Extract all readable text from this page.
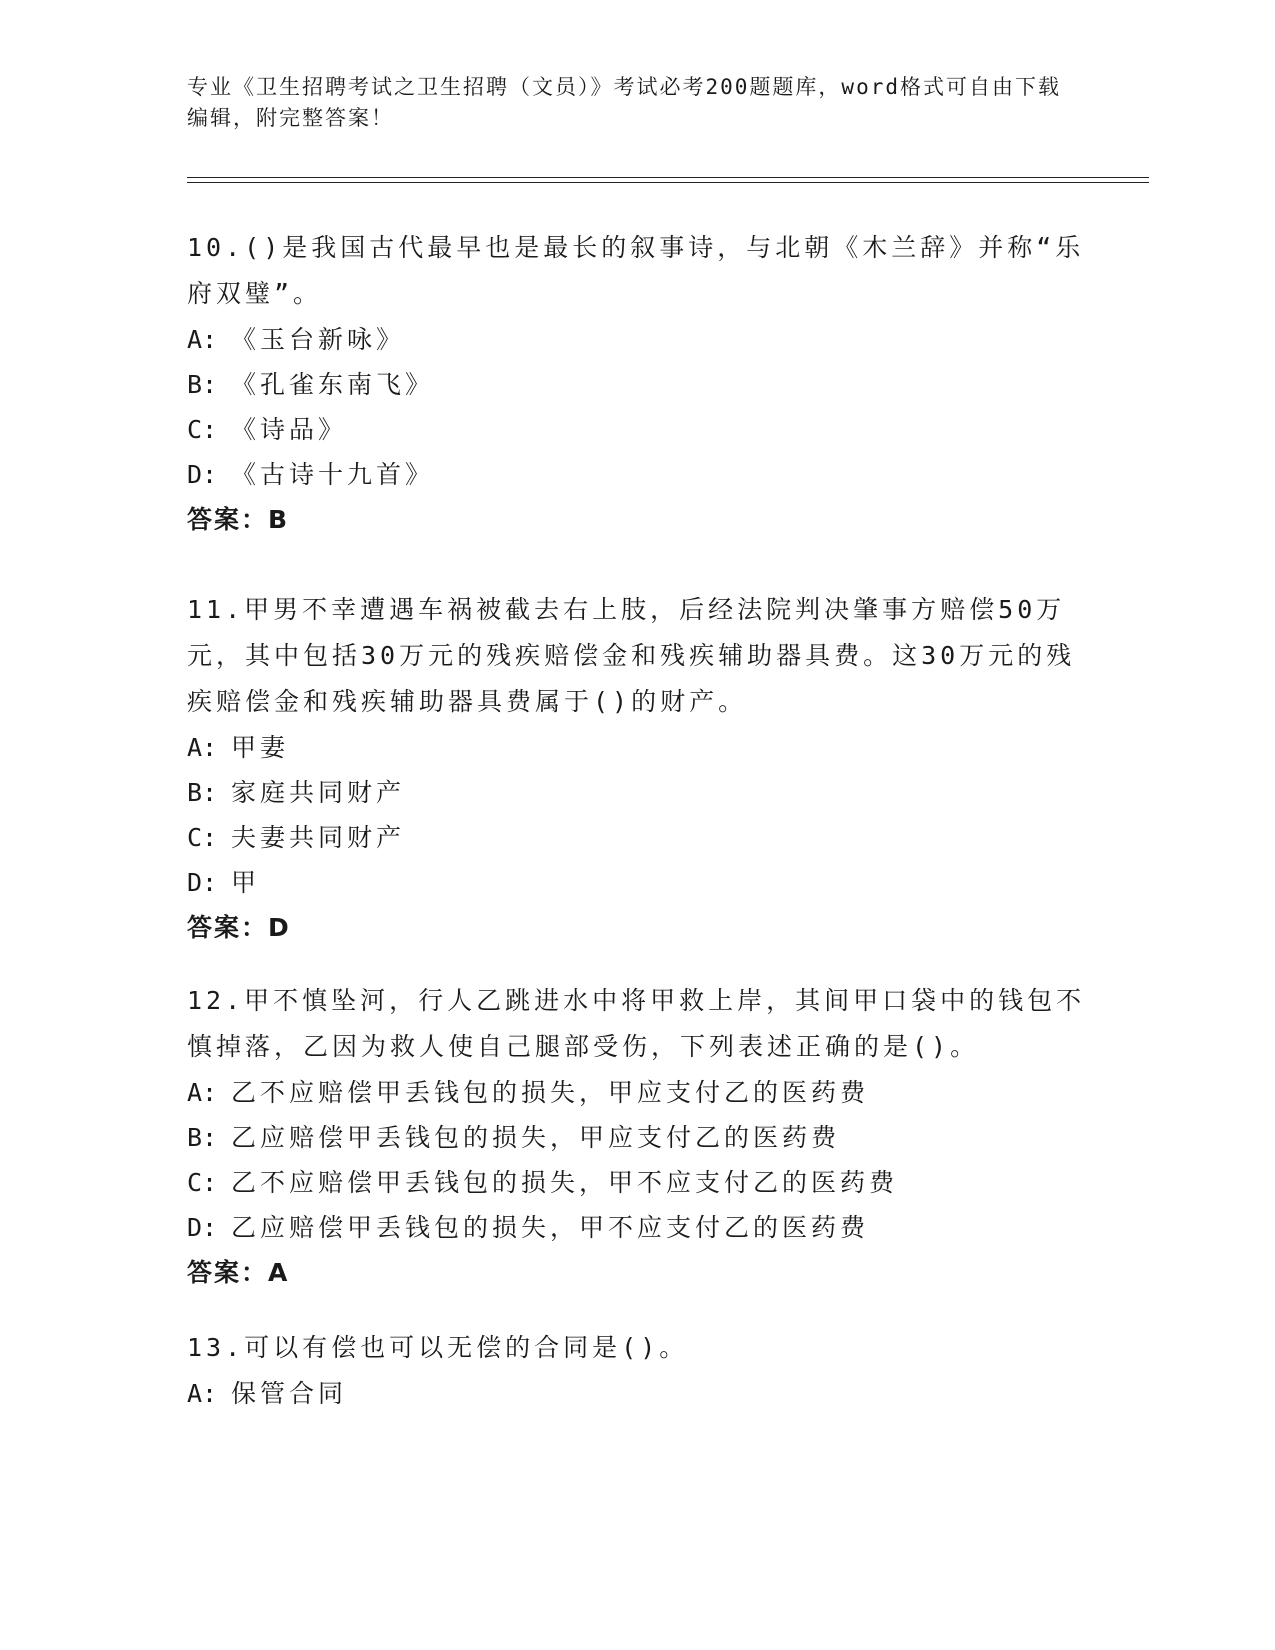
专业《卫生招聘考试之卫生招聘（文员）》考试必考200题题库，word格式可自由下载编辑，附完整答案！

10.()是我国古代最早也是最长的叙事诗，与北朝《木兰辞》并称“乐府双璧”。

A: 《玉台新咏》
B: 《孔雀东南飞》
C: 《诗品》
D: 《古诗十九首》

答案：B

11.甲男不幸遭遇车祸被截去右上肢，后经法院判决肇事方赔偿50万元，其中包括30万元的残疾赔偿金和残疾辅助器具费。这30万元的残疾赔偿金和残疾辅助器具费属于()的财产。

A: 甲妻
B: 家庭共同财产
C: 夫妻共同财产
D: 甲

答案：D

12.甲不慎坠河，行人乙跳进水中将甲救上岸，其间甲口袋中的钱包不慎掉落，乙因为救人使自己腿部受伤，下列表述正确的是()。

A: 乙不应赔偿甲丢钱包的损失，甲应支付乙的医药费
B: 乙应赔偿甲丢钱包的损失，甲应支付乙的医药费
C: 乙不应赔偿甲丢钱包的损失，甲不应支付乙的医药费
D: 乙应赔偿甲丢钱包的损失，甲不应支付乙的医药费

答案：A

13.可以有偿也可以无偿的合同是()。

A: 保管合同
